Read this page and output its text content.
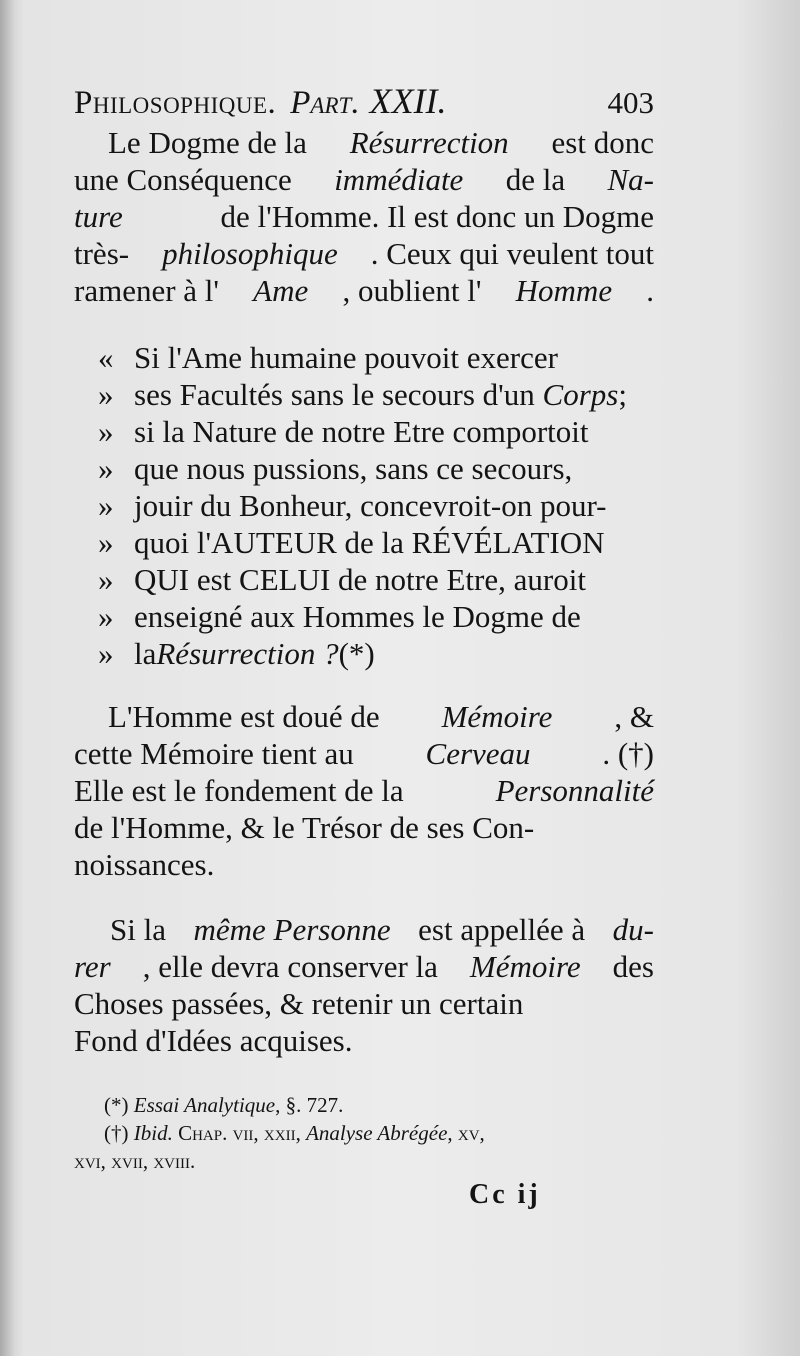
Philosophique. Part. XXII.	403
Le Dogme de la Résurrection est donc
une Conséquence immédiate de la Na-
ture	de l'Homme. Il est donc un Dogme
très- philosophique . Ceux qui veulent tout
ramener à l' Ame , oublient l' Homme .
« Si l'Ame humaine pouvoit exercer
» ses Facultés sans le secours d'un Corps;
» si la Nature de notre Etre comportoit
» que nous pussions, sans ce secours,
» jouir du Bonheur, concevroit-on pour-
» quoi l'AUTEUR de la RÉVÉLATION
» QUI est CELUI de notre Etre, auroit
» enseigné aux Hommes le Dogme de
» la Résurrection ? (*)
L'Homme est doué de Mémoire , &
cette Mémoire tient au Cerveau . (†)
Elle est le fondement de la	Personnalité
de l'Homme, & le Trésor de ses Con-
noissances.
Si la même Personne est appellée à du-
rer , elle devra conserver la Mémoire des
Choses passées, & retenir un certain
Fond d'Idées acquises.
(*) Essai Analytique, §. 727.
(†) Ibid. Chap. vii, xxii, Analyse Abrégée, xv,
xvi, xvii, xviii.
Cc ij
